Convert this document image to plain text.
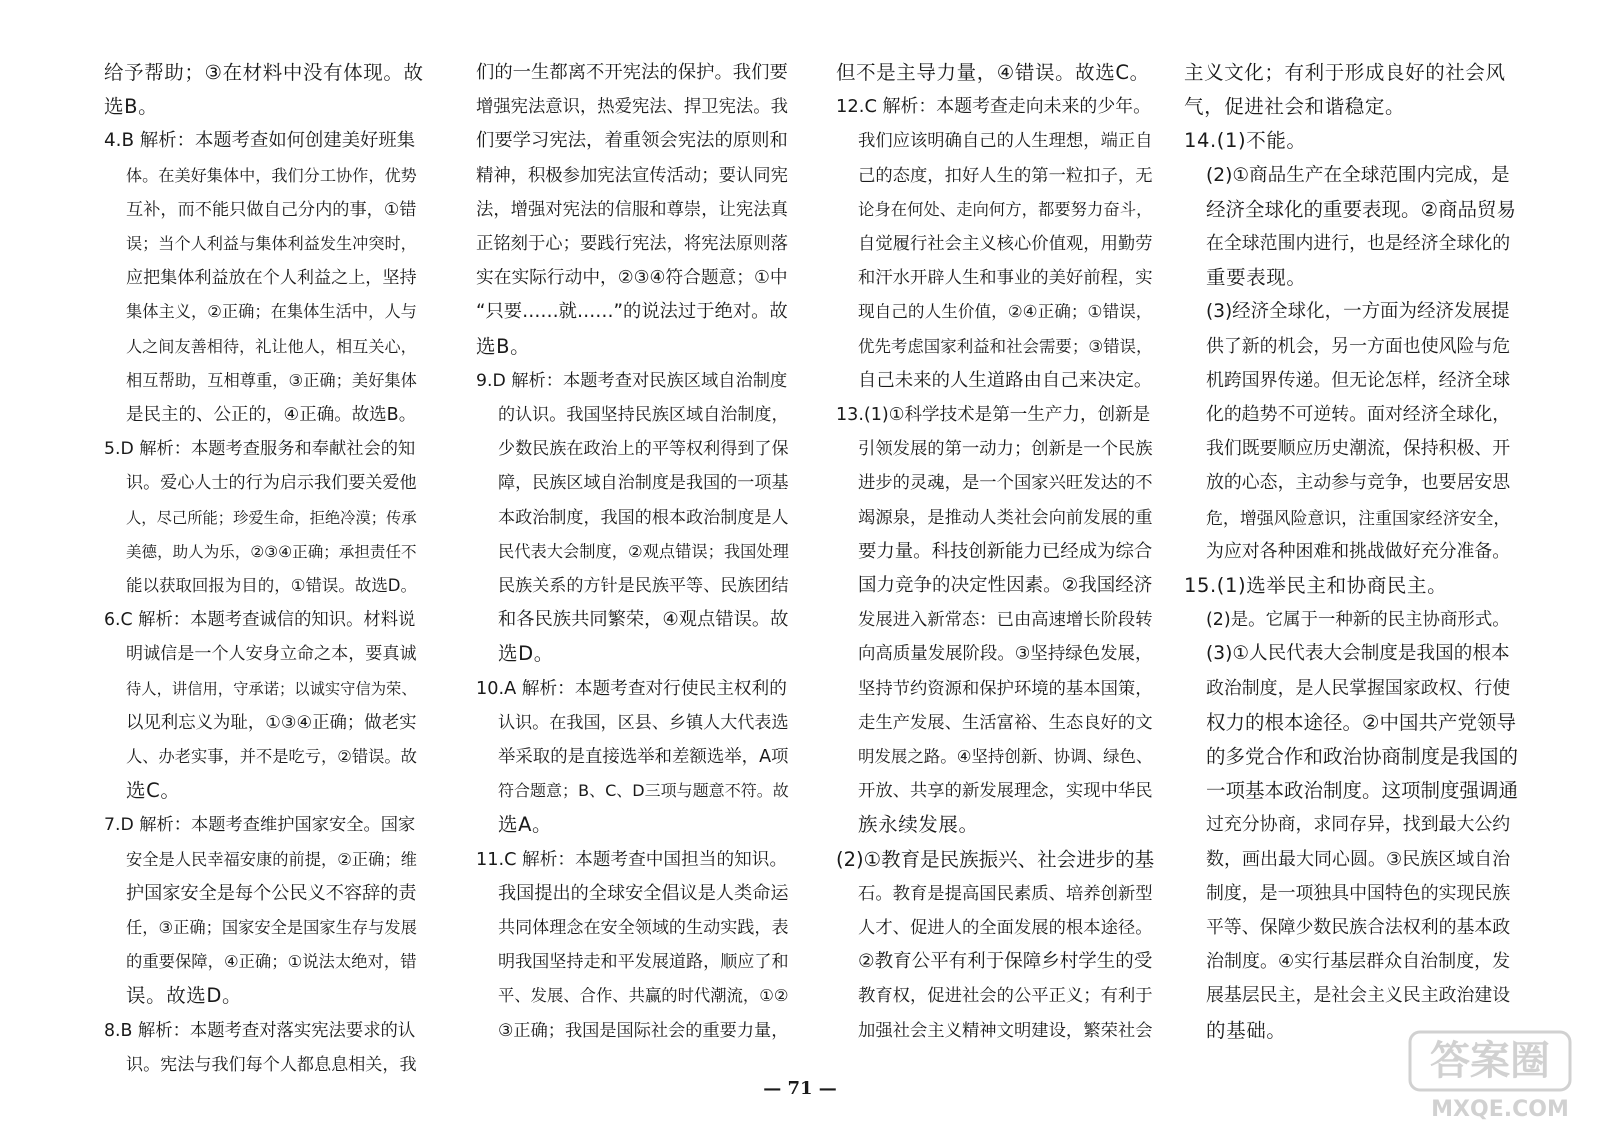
给予帮助；③在材料中没有体现。故
选B。
4.B 解析：本题考查如何创建美好班集
体。在美好集体中，我们分工协作，优势
互补，而不能只做自己分内的事，①错
误；当个人利益与集体利益发生冲突时，
应把集体利益放在个人利益之上，坚持
集体主义，②正确；在集体生活中，人与
人之间友善相待，礼让他人，相互关心，
相互帮助，互相尊重，③正确；美好集体
是民主的、公正的，④正确。故选B。
5.D 解析：本题考查服务和奉献社会的知
识。爱心人士的行为启示我们要关爱他
人，尽己所能；珍爱生命，拒绝冷漠；传承
美德，助人为乐，②③④正确；承担责任不
能以获取回报为目的，①错误。故选D。
6.C 解析：本题考查诚信的知识。材料说
明诚信是一个人安身立命之本，要真诚
待人，讲信用，守承诺；以诚实守信为荣、
以见利忘义为耻，①③④正确；做老实
人、办老实事，并不是吃亏，②错误。故
选C。
7.D 解析：本题考查维护国家安全。国家
安全是人民幸福安康的前提，②正确；维
护国家安全是每个公民义不容辞的责
任，③正确；国家安全是国家生存与发展
的重要保障，④正确；①说法太绝对，错
误。故选D。
8.B 解析：本题考查对落实宪法要求的认
识。宪法与我们每个人都息息相关，我
们的一生都离不开宪法的保护。我们要
增强宪法意识，热爱宪法、捍卫宪法。我
们要学习宪法，着重领会宪法的原则和
精神，积极参加宪法宣传活动；要认同宪
法，增强对宪法的信服和尊崇，让宪法真
正铭刻于心；要践行宪法，将宪法原则落
实在实际行动中，②③④符合题意；①中
“只要……就……”的说法过于绝对。故
选B。
9.D 解析：本题考查对民族区域自治制度
的认识。我国坚持民族区域自治制度，
少数民族在政治上的平等权利得到了保
障，民族区域自治制度是我国的一项基
本政治制度，我国的根本政治制度是人
民代表大会制度，②观点错误；我国处理
民族关系的方针是民族平等、民族团结
和各民族共同繁荣，④观点错误。故
选D。
10.A 解析：本题考查对行使民主权利的
认识。在我国，区县、乡镇人大代表选
举采取的是直接选举和差额选举，A项
符合题意；B、C、D三项与题意不符。故
选A。
11.C 解析：本题考查中国担当的知识。
我国提出的全球安全倡议是人类命运
共同体理念在安全领域的生动实践，表
明我国坚持走和平发展道路，顺应了和
平、发展、合作、共赢的时代潮流，①②
③正确；我国是国际社会的重要力量，
但不是主导力量，④错误。故选C。
12.C 解析：本题考查走向未来的少年。
我们应该明确自己的人生理想，端正自
己的态度，扣好人生的第一粒扣子，无
论身在何处、走向何方，都要努力奋斗，
自觉履行社会主义核心价值观，用勤劳
和汗水开辟人生和事业的美好前程，实
现自己的人生价值，②④正确；①错误，
优先考虑国家利益和社会需要；③错误，
自己未来的人生道路由自己来决定。
13.(1)①科学技术是第一生产力，创新是
引领发展的第一动力；创新是一个民族
进步的灵魂，是一个国家兴旺发达的不
竭源泉，是推动人类社会向前发展的重
要力量。科技创新能力已经成为综合
国力竞争的决定性因素。②我国经济
发展进入新常态：已由高速增长阶段转
向高质量发展阶段。③坚持绿色发展，
坚持节约资源和保护环境的基本国策，
走生产发展、生活富裕、生态良好的文
明发展之路。④坚持创新、协调、绿色、
开放、共享的新发展理念，实现中华民
族永续发展。
(2)①教育是民族振兴、社会进步的基
石。教育是提高国民素质、培养创新型
人才、促进人的全面发展的根本途径。
②教育公平有利于保障乡村学生的受
教育权，促进社会的公平正义；有利于
加强社会主义精神文明建设，繁荣社会
主义文化；有利于形成良好的社会风
气，促进社会和谐稳定。
14.(1)不能。
(2)①商品生产在全球范围内完成，是
经济全球化的重要表现。②商品贸易
在全球范围内进行，也是经济全球化的
重要表现。
(3)经济全球化，一方面为经济发展提
供了新的机会，另一方面也使风险与危
机跨国界传递。但无论怎样，经济全球
化的趋势不可逆转。面对经济全球化，
我们既要顺应历史潮流，保持积极、开
放的心态，主动参与竞争，也要居安思
危，增强风险意识，注重国家经济安全，
为应对各种困难和挑战做好充分准备。
15.(1)选举民主和协商民主。
(2)是。它属于一种新的民主协商形式。
(3)①人民代表大会制度是我国的根本
政治制度，是人民掌握国家政权、行使
权力的根本途径。②中国共产党领导
的多党合作和政治协商制度是我国的
一项基本政治制度。这项制度强调通
过充分协商，求同存异，找到最大公约
数，画出最大同心圆。③民族区域自治
制度，是一项独具中国特色的实现民族
平等、保障少数民族合法权利的基本政
治制度。④实行基层群众自治制度，发
展基层民主，是社会主义民主政治建设
的基础。
— 71 —
答案圈
MXQE.COM
